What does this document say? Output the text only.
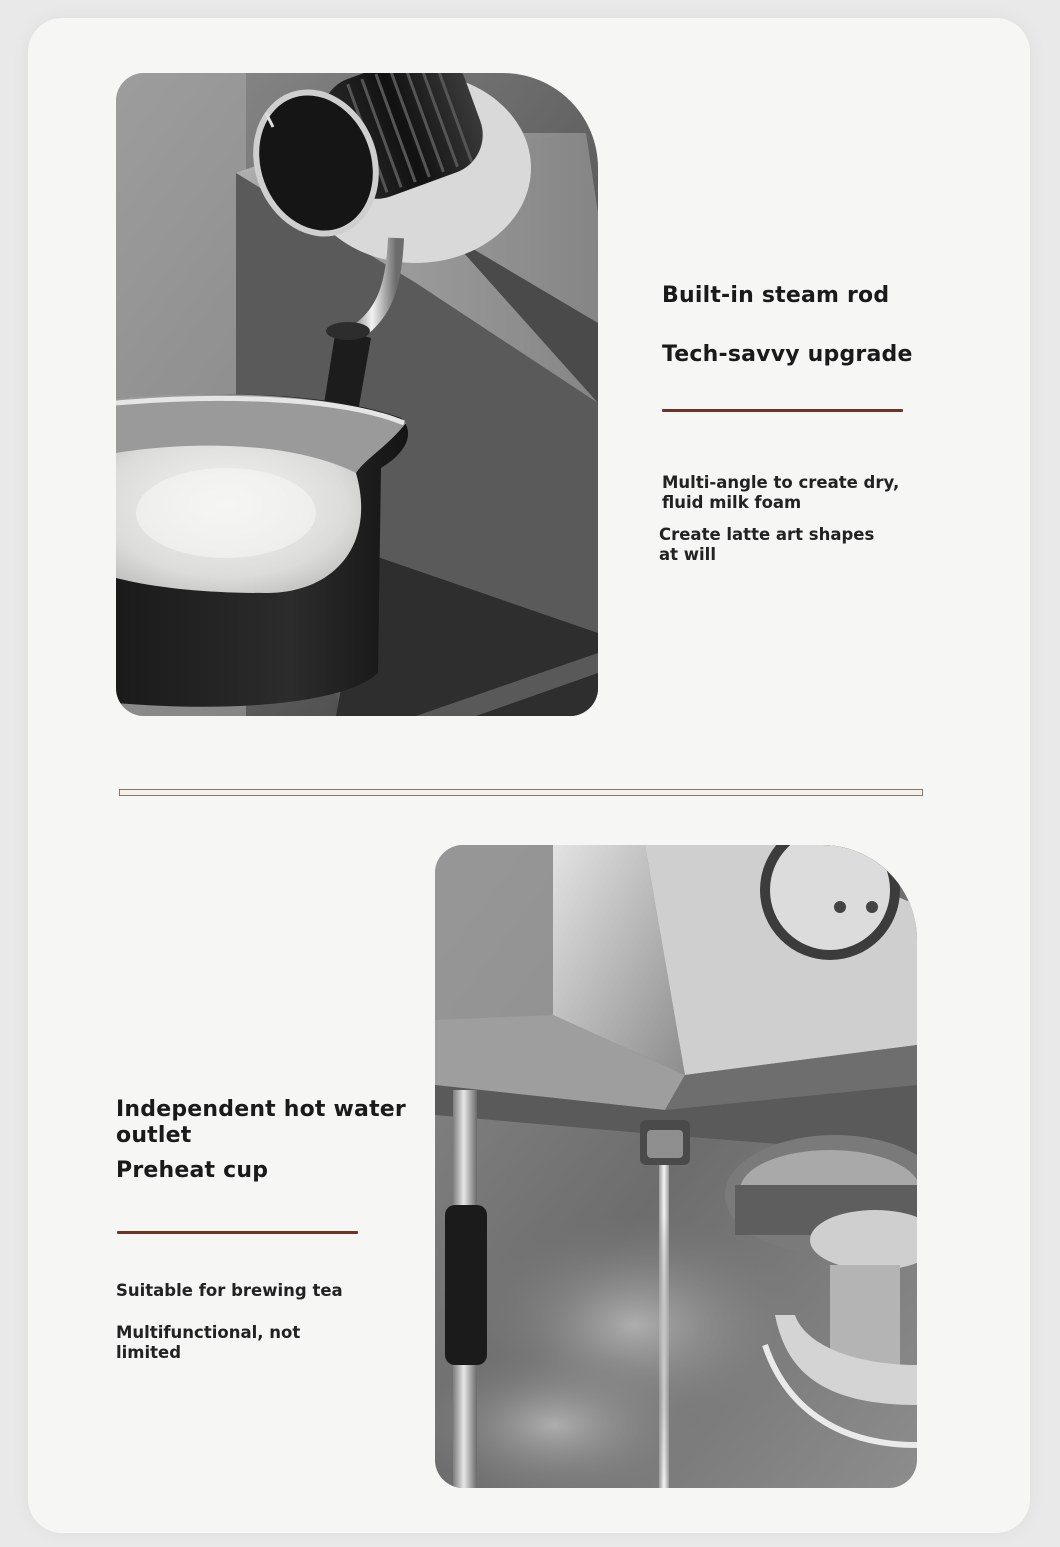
Built-in steam rod

Tech-savvy upgrade

Multi-angle to create dry,

fluid milk foam

Create latte art shapes

at will

Independent hot water

outlet

Preheat cup

Suitable for brewing tea

Multifunctional, not

limited
